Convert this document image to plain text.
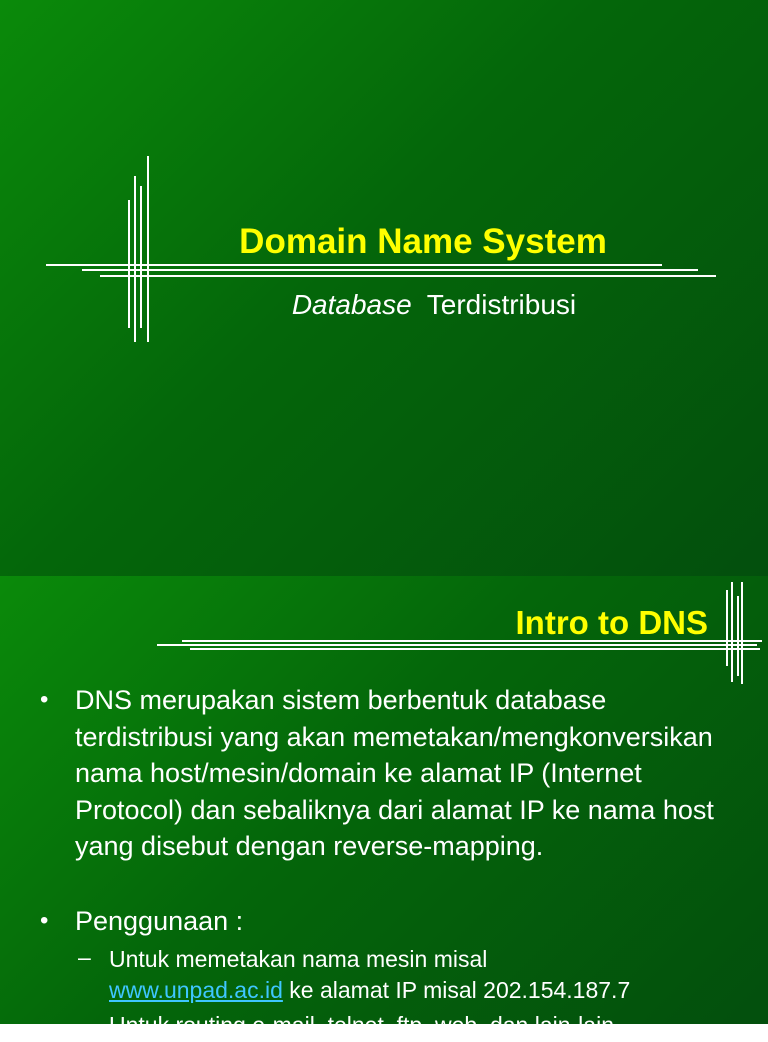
Domain Name System

Database Terdistribusi

Intro to DNS
• DNS merupakan sistem berbentuk database terdistribusi yang akan memetakan/mengkonversikan nama host/mesin/domain ke alamat IP (Internet Protocol) dan sebaliknya dari alamat IP ke nama host yang disebut dengan reverse-mapping.
• Penggunaan :
– Untuk memetakan nama mesin misal
www.unpad.ac.id ke alamat IP misal 202.154.187.7
– Untuk routing e-mail, telnet, ftp, web, dan lain-lain
